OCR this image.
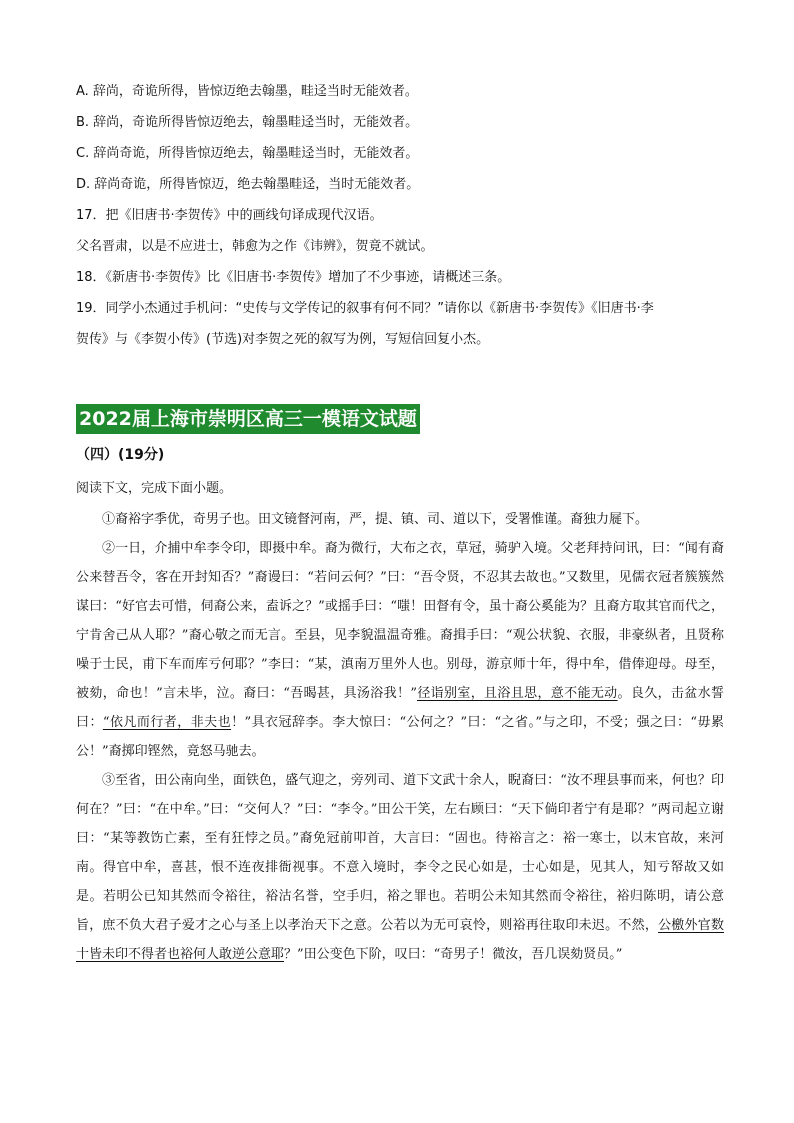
A. 辞尚，奇诡所得，皆惊迈绝去翰墨，畦迳当时无能效者。
B. 辞尚，奇诡所得皆惊迈绝去，翰墨畦迳当时，无能效者。
C. 辞尚奇诡，所得皆惊迈绝去，翰墨畦迳当时，无能效者。
D. 辞尚奇诡，所得皆惊迈，绝去翰墨畦迳，当时无能效者。
17．把《旧唐书·李贺传》中的画线句译成现代汉语。
父名晋肃，以是不应进士，韩愈为之作《讳辨》，贺竟不就试。
18．《新唐书·李贺传》比《旧唐书·李贺传》增加了不少事迹，请概述三条。
19．同学小杰通过手机问：“史传与文学传记的叙事有何不同？”请你以《新唐书·李贺传》《旧唐书·李
贺传》与《李贺小传》(节选)对李贺之死的叙写为例，写短信回复小杰。
2022届上海市崇明区高三一模语文试题
（四）(19分)
阅读下文，完成下面小题。

①裔裕字季优，奇男子也。田文镜督河南，严，提、镇、司、道以下，受署惟谨。裔独力屣下。

②一日，介捕中牟李令印，即摄中牟。裔为微行，大布之衣，草冠，骑驴入境。父老拜持问讯，曰：“闻有裔公来替吾令，客在开封知否？”裔谩曰：“若问云何？”曰：“吾令贤，不忍其去故也。”又数里，见儒衣冠者簇簇然谋曰：“好官去可惜，伺裔公来，盍诉之？”或摇手曰：“嗤！田督有令，虽十裔公奚能为？且裔方取其官而代之，宁肯舍己从人耶？”裔心敬之而无言。至县，见李貌温温奇雅。裔揖手曰：“观公状貌、衣服，非豪纵者，且贤称噪于士民，甫下车而库亏何耶？”李曰：“某，滇南万里外人也。别母，游京师十年，得中牟，借俸迎母。母至，被劾，命也！”言未毕，泣。裔曰：“吾暍甚，具汤浴我！”径诣别室，且浴且思，意不能无动。良久，击盆水誓曰：“依凡而行者，非夫也！”具衣冠辞李。李大惊曰：“公何之？”曰：“之省。”与之印，不受；强之曰：“毋累公！”裔掷印铿然，竟怒马驰去。

③至省，田公南向坐，面铁色，盛气迎之，旁列司、道下文武十余人，睨裔曰：“汝不理县事而来，何也？印何在？”曰：“在中牟。”曰：“交何人？”曰：“李令。”田公干笑，左右顾曰：“天下倘印者宁有是耶？”两司起立谢曰：“某等教饬亡素，至有狂悖之员。”裔免冠前叩首，大言曰：“固也。待裕言之：裕一寒士，以末官故，来河南。得官中牟，喜甚，恨不连夜排衙视事。不意入境时，李令之民心如是，士心如是，见其人，知亏帑故又如是。若明公已知其然而令裕往，裕沽名誉，空手归，裕之罪也。若明公未知其然而令裕往，裕归陈明，请公意旨，庶不负大君子爱才之心与圣上以孝治天下之意。公若以为无可哀怜，则裕再往取印未迟。不然，公檄外官数十皆未印不得者也裕何人敢逆公意耶？”田公变色下阶，叹曰：“奇男子！微汝，吾几误劾贤员。”
